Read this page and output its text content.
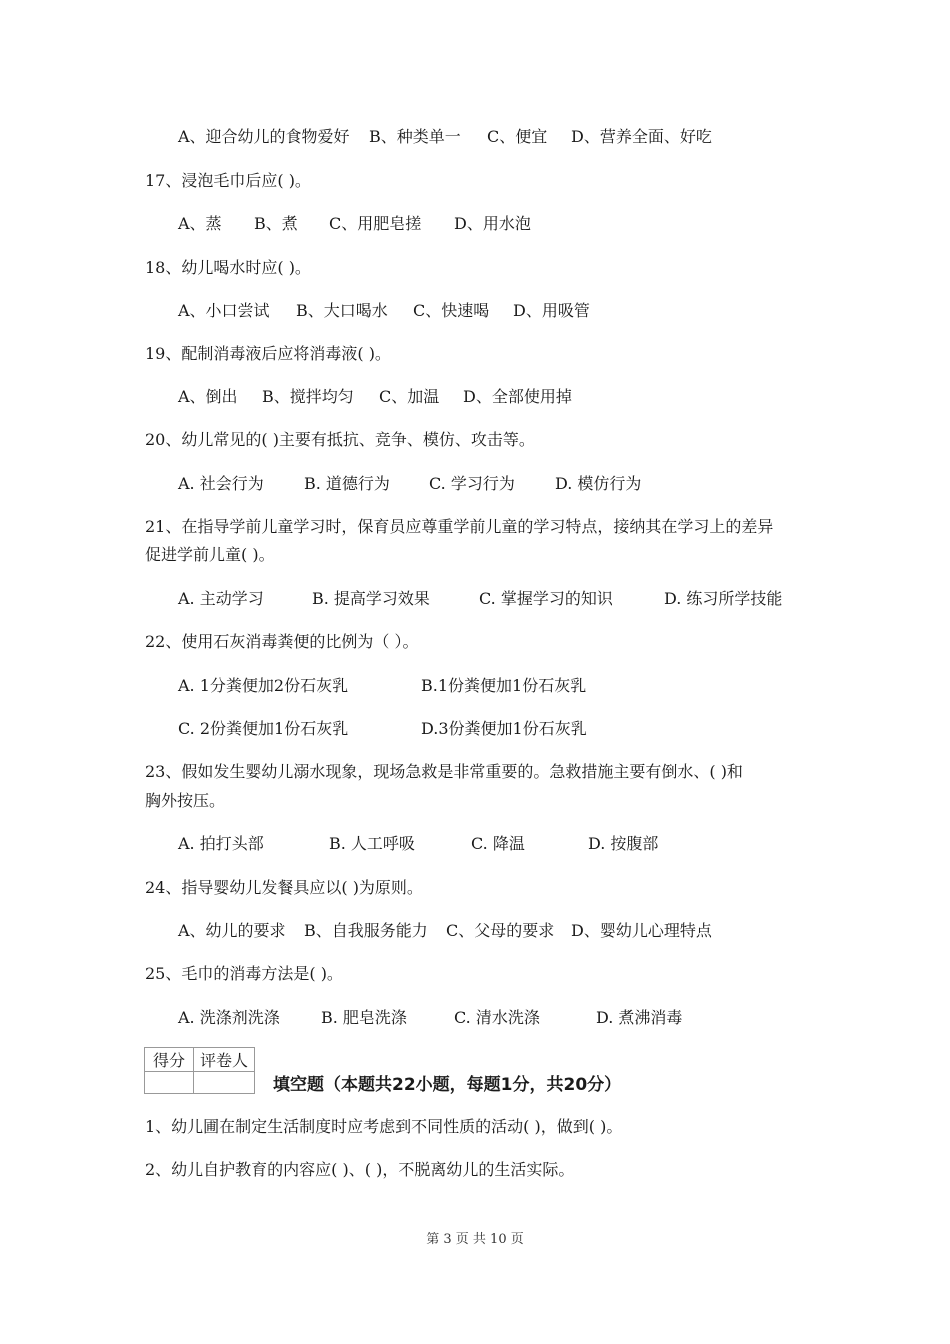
A、迎合幼儿的食物爱好 B、种类单一 C、便宜 D、营养全面、好吃
17、浸泡毛巾后应( )。
A、蒸 B、煮 C、用肥皂搓 D、用水泡
18、幼儿喝水时应( )。
A、小口尝试 B、大口喝水 C、快速喝 D、用吸管
19、配制消毒液后应将消毒液( )。
A、倒出 B、搅拌均匀 C、加温 D、全部使用掉
20、幼儿常见的( )主要有抵抗、竞争、模仿、攻击等。
A. 社会行为	B. 道德行为 C. 学习行为	D. 模仿行为
21、在指导学前儿童学习时，保育员应尊重学前儿童的学习特点，接纳其在学习上的差异
促进学前儿童( )。
A. 主动学习	B. 提高学习效果	C. 掌握学习的知识	D. 练习所学技能
22、使用石灰消毒粪便的比例为（ ）。
A. 1分粪便加2份石灰乳	B.1份粪便加1份石灰乳
C. 2份粪便加1份石灰乳	D.3份粪便加1份石灰乳
23、假如发生婴幼儿溺水现象，现场急救是非常重要的。急救措施主要有倒水、( )和
胸外按压。
A. 拍打头部	B. 人工呼吸	C. 降温	D. 按腹部
24、指导婴幼儿发餐具应以( )为原则。
A、幼儿的要求 B、自我服务能力 C、父母的要求 D、婴幼儿心理特点
25、毛巾的消毒方法是( )。
A. 洗涤剂洗涤	B. 肥皂洗涤	C. 清水洗涤	D. 煮沸消毒
得分	评卷人

填空题（本题共22小题，每题1分，共20分）
1、幼儿圃在制定生活制度时应考虑到不同性质的活动( )，做到( )。
2、幼儿自护教育的内容应( )、( )，不脱离幼儿的生活实际。
第 3 页 共 10 页
